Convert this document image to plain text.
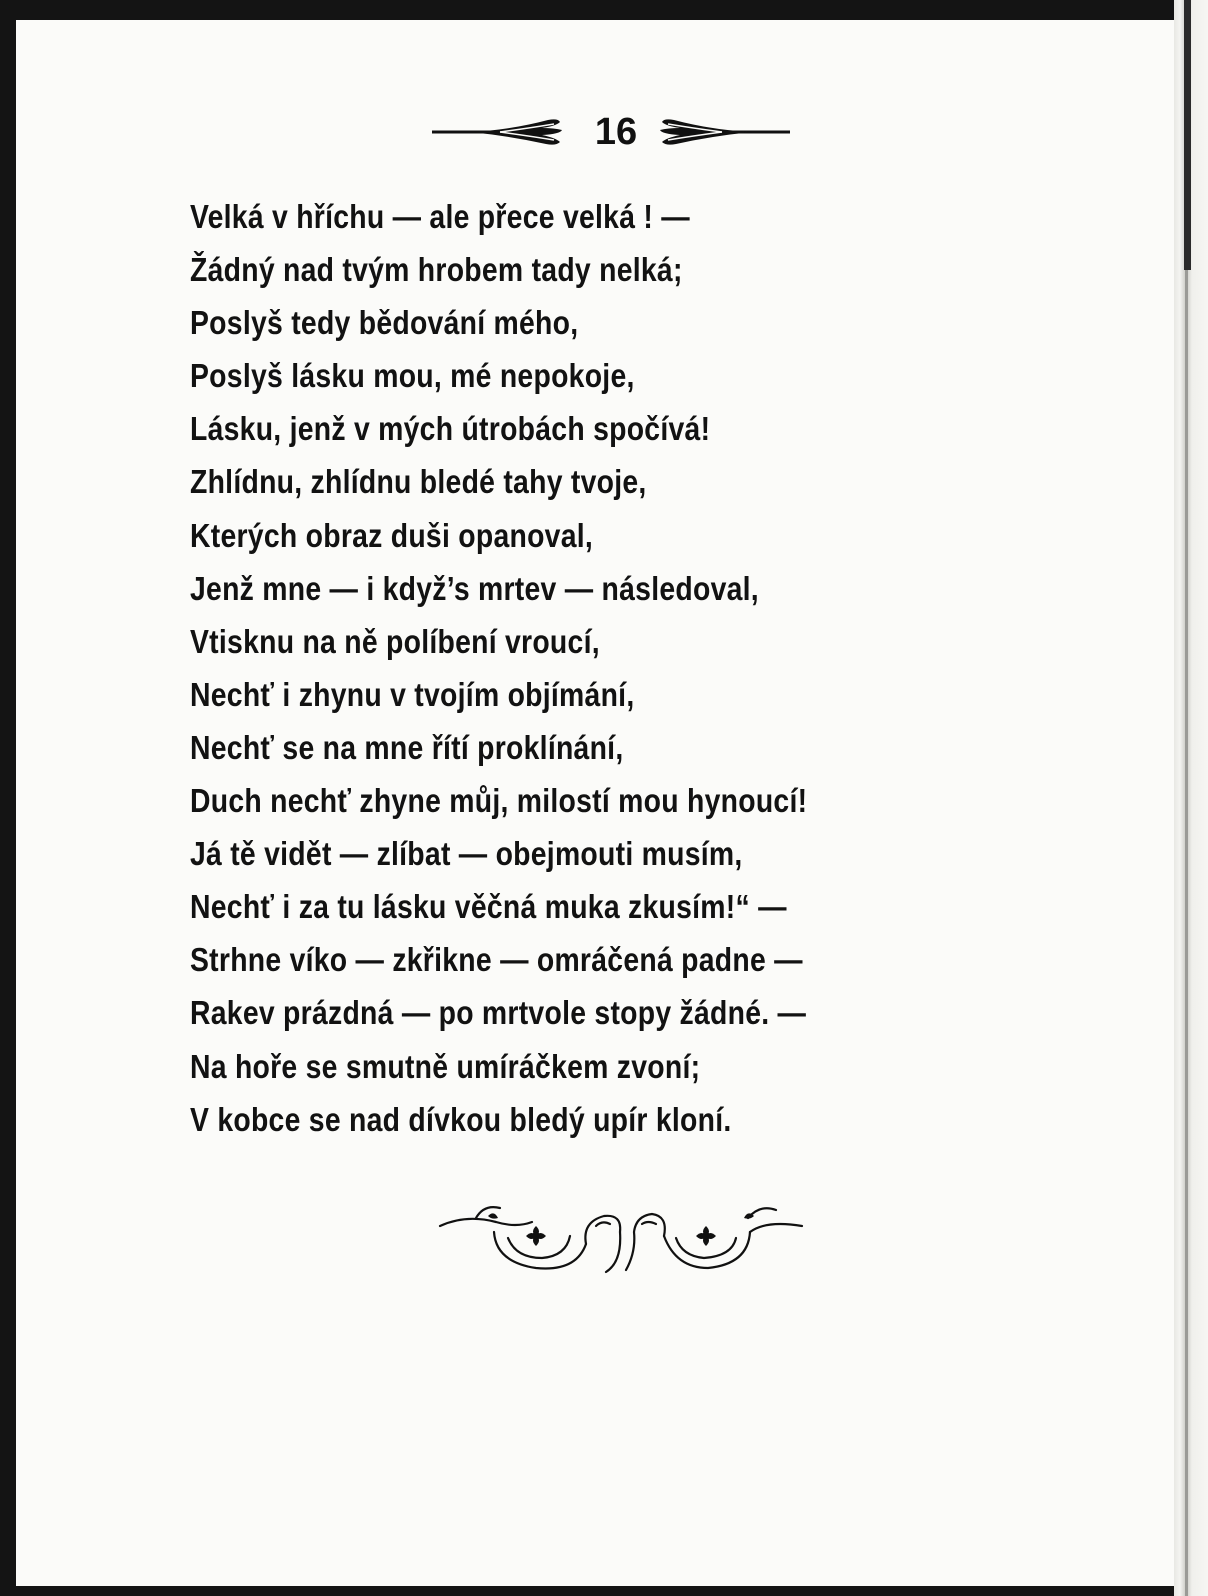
16
Velká v hříchu — ale přece velká ! —
Žádný nad tvým hrobem tady nelká;
Poslyš tedy bědování mého,
Poslyš lásku mou, mé nepokoje,
Lásku, jenž v mých útrobách spočívá!
Zhlídnu, zhlídnu bledé tahy tvoje,
Kterých obraz duši opanoval,
Jenž mne — i když’s mrtev — následoval,
Vtisknu na ně políbení vroucí,
Nechť i zhynu v tvojím objímání,
Nechť se na mne řítí proklínání,
Duch nechť zhyne můj, milostí mou hynoucí!
Já tě vidět — zlíbat — obejmouti musím,
Nechť i za tu lásku věčná muka zkusím!“ —
Strhne víko — zkřikne — omráčená padne —
Rakev prázdná — po mrtvole stopy žádné. —
Na hoře se smutně umíráčkem zvoní;
V kobce se nad dívkou bledý upír kloní.
